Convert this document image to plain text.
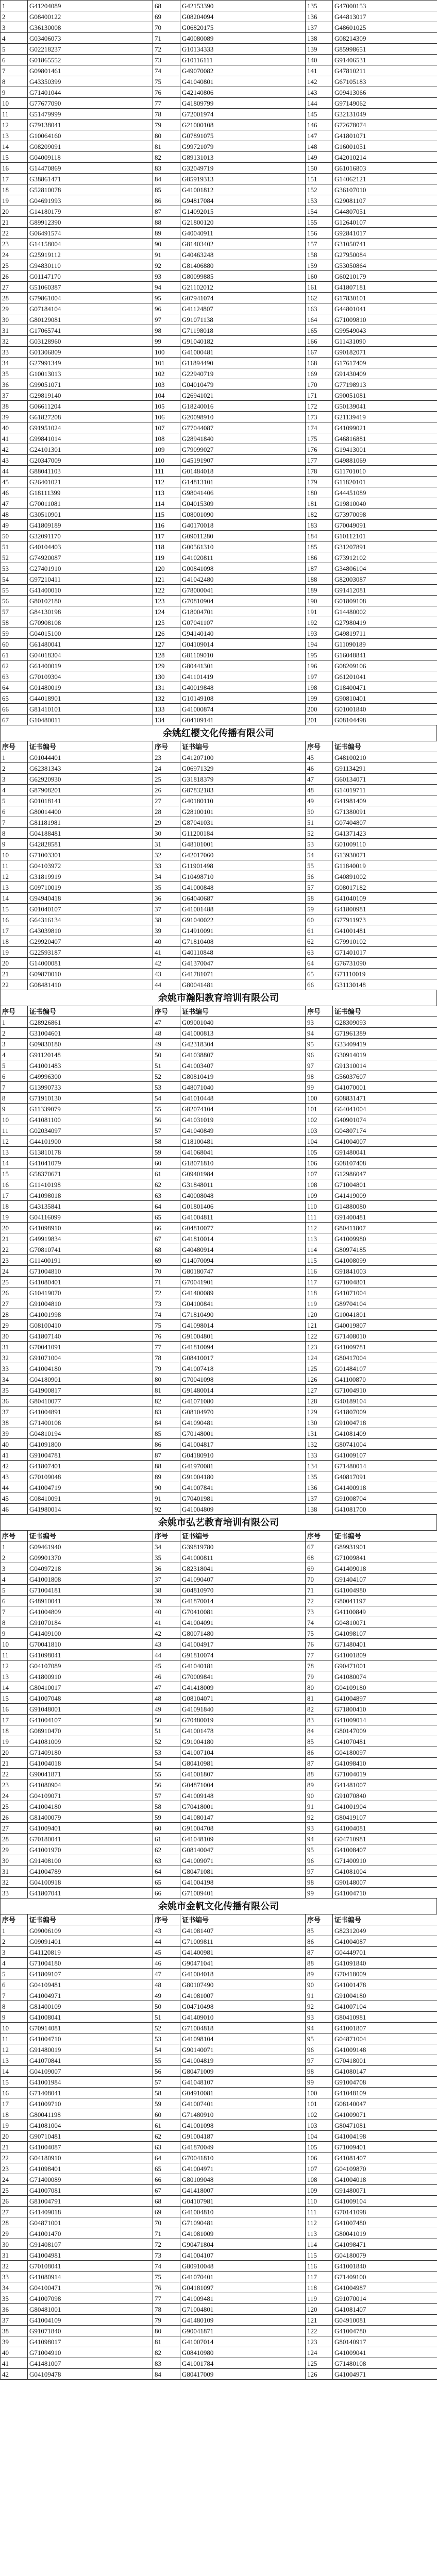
1	G41204089	68	G42153390	135	G47000153
2	G08400122	69	G08204094	136	G44813017
3	G36130008	70	G06820175	137	G48601025
4	G03406073	71	G40080089	138	G08214309
5	G02218237	72	G10134333	139	G85998651
6	G01865552	73	G10116111	140	G91406531
7	G09801461	74	G49070082	141	G47810211
8	G43350399	75	G41040801	142	G67105183
9	G71401044	76	G42140806	143	G09413066
10	G77677090	77	G41809799	144	G97149062
11	G51479999	78	G72001974	145	G32131049
12	G79138041	79	G21000108	146	G72678074
13	G10064160	80	G07891075	147	G41801071
14	G08209091	81	G99721079	148	G16001051
15	G04009118	82	G89131013	149	G42010214
16	G14470869	83	G32049719	150	G61016803
17	G38861471	84	G85919313	151	G14062121
18	G52810078	85	G41001812	152	G36107010
19	G04691993	86	G94817084	153	G29081107
20	G14180179	87	G14092015	154	G44807051
21	G89912390	88	G21800120	155	G12640107
22	G06491574	89	G40040911	156	G92841017
23	G14158004	90	G81403402	157	G31050741
24	G25919112	91	G40463248	158	G27950084
25	G94830110	92	G81406880	159	G53050864
26	G01147170	93	G80099885	160	G60210179
27	G51060387	94	G21102012	161	G41807181
28	G79861004	95	G07941074	162	G17830101
29	G07184104	96	G41124807	163	G44801041
30	G80129081	97	G91071138	164	G71009810
31	G17065741	98	G71198018	165	G99549043
32	G03128960	99	G91040182	166	G11431090
33	G01306809	100	G41000481	167	G90182071
34	G27991349	101	G11894490	168	G17617409
35	G10013013	102	G22940719	169	G91430409
36	G99051071	103	G04010479	170	G77198913
37	G29819140	104	G26941021	171	G90051081
38	G06611204	105	G18240016	172	G50139041
39	G61827208	106	G20098910	173	G21139419
40	G91951024	107	G77044087	174	G41099021
41	G99841014	108	G28941840	175	G46816881
42	G24101301	109	G79099027	176	G19413001
43	G20347009	110	G45191907	177	G49881069
44	G88041103	111	G01484018	178	G11701010
45	G26401021	112	G14813101	179	G11820101
46	G18111399	113	G98041406	180	G44451089
47	G70011081	114	G04015309	181	G19810040
48	G30510901	115	G08001090	182	G73970098
49	G41809189	116	G40170018	183	G70049091
50	G32091170	117	G09011280	184	G10112101
51	G40104403	118	G00561310	185	G31207891
52	G74920087	119	G41020811	186	G73912102
53	G27401910	120	G00841098	187	G34806104
54	G97210411	121	G41042480	188	G82003087
55	G41400010	122	G78000041	189	G91412081
56	G80102180	123	G70810904	190	G01809108
57	G84130198	124	G18004701	191	G14480002
58	G70908108	125	G07041107	192	G27980419
59	G04015100	126	G94140140	193	G49819711
60	G61480041	127	G04109014	194	G11090189
61	G04018304	128	G81109010	195	G16048841
62	G61400019	129	G80441301	196	G08209106
63	G70109304	130	G41101419	197	G61201041
64	G01480019	131	G40019848	198	G18400471
65	G44018901	132	G10149108	199	G90810401
66	G81410101	133	G41000874	200	G01001840
67	G10480011	134	G04109141	201	G08104498
余姚红樱文化传播有限公司
序号	证书编号	序号	证书编号	序号	证书编号
1	G01044401	23	G41207100	45	G48100210
2	G62381343	24	G06971329	46	G91134291
3	G62920930	25	G31818379	47	G60134071
4	G87908201	26	G87832183	48	G14019711
5	G01018141	27	G40180110	49	G41981409
6	G80014400	28	G28100101	50	G71380091
7	G81181981	29	G87041031	51	G07404807
8	G04188481	30	G11200184	52	G41371423
9	G42828581	31	G48101001	53	G01009110
10	G71003301	32	G42017060	54	G13930071
11	G04103972	33	G11901498	55	G11840019
12	G31819919	34	G10498710	56	G40891002
13	G09710019	35	G41000848	57	G08017182
14	G94940418	36	G64040687	58	G41040109
15	G01040107	37	G41001488	59	G41800981
16	G64316134	38	G91040022	60	G77911973
17	G43039810	39	G14910091	61	G41001481
18	G29920407	40	G71810408	62	G79910102
19	G22593187	41	G40110848	63	G71401017
20	G14000081	42	G41370047	64	G76731090
21	G09870010	43	G41781071	65	G71110019
22	G08481410	44	G80041481	66	G31130148
余姚市瀚阳教育培训有限公司
序号	证书编号	序号	证书编号	序号	证书编号
1	G28926861	47	G09001040	93	G28309093
2	G31004601	48	G41000813	94	G71961389
3	G09830180	49	G42318304	95	G33409419
4	G91120148	50	G41038807	96	G30914019
5	G41001483	51	G41003407	97	G91310014
6	G49996300	52	G80810419	98	G56037607
7	G13990733	53	G48071040	99	G41070001
8	G71910130	54	G41010448	100	G08831471
9	G11339079	55	G82074104	101	G64041004
10	G41081100	56	G41031019	102	G40901074
11	G02034097	57	G41040849	103	G04807174
12	G44101900	58	G18100481	104	G41004007
13	G13810178	59	G41068041	105	G91480041
14	G41041079	60	G18071810	106	G08107408
15	G58370671	61	G09401984	107	G12986047
16	G11410198	62	G31848011	108	G71004801
17	G41098018	63	G40008048	109	G41419009
18	G43135841	64	G01801406	110	G14880080
19	G04116099	65	G41004811	111	G91400481
20	G41098910	66	G04810077	112	G80411807
21	G49919834	67	G41810014	113	G41009980
22	G70810741	68	G40480914	114	G80974185
23	G11400191	69	G14070094	115	G41008099
24	G71004810	70	G80180747	116	G91841003
25	G41080401	71	G70041901	117	G71004801
26	G10419070	72	G41400089	118	G41071004
27	G91004810	73	G04100841	119	G89704104
28	G41001998	74	G71810490	120	G10041801
29	G08100410	75	G41098014	121	G40019807
30	G41807140	76	G91004801	122	G71408010
31	G70041091	77	G41810094	123	G41009781
32	G91071004	78	G08410017	124	G80417004
33	G41004180	79	G41007418	125	G01484107
34	G04180901	80	G70041098	126	G41100870
35	G41900817	81	G91480014	127	G71004910
36	G80410077	82	G41071080	128	G40189104
37	G41004891	83	G08104970	129	G41807009
38	G71400108	84	G41090481	130	G91004718
39	G04810194	85	G70148001	131	G41081409
40	G41091800	86	G41004817	132	G80741004
41	G91004781	87	G04180910	133	G41009107
42	G41807401	88	G41970081	134	G71480014
43	G70109048	89	G91004180	135	G40817091
44	G41004719	90	G41007841	136	G41400918
45	G08410091	91	G70401981	137	G91008704
46	G41980014	92	G41004809	138	G41081700
余姚市弘艺教育培训有限公司
序号	证书编号	序号	证书编号	序号	证书编号
1	G09461940	34	G39819780	67	G89931901
2	G09901370	35	G41000811	68	G71009841
3	G04097218	36	G82318041	69	G41409018
4	G41001808	37	G41090407	70	G91404107
5	G71004181	38	G04810970	71	G41004980
6	G48910041	39	G41870014	72	G80041197
7	G41004809	40	G70410081	73	G41100849
8	G91070184	41	G41004091	74	G04810071
9	G41409100	42	G80071480	75	G41098107
10	G70041810	43	G41004917	76	G71480401
11	G41098041	44	G91810074	77	G41001809
12	G04107089	45	G41040181	78	G90471001
13	G41800910	46	G70009841	79	G41080074
14	G80410017	47	G41418009	80	G04109180
15	G41007048	48	G08104071	81	G41004897
16	G91048001	49	G41091840	82	G71800410
17	G41004107	50	G70480019	83	G41009014
18	G08910470	51	G41001478	84	G80147009
19	G41081009	52	G91004180	85	G41070481
20	G71409180	53	G41007104	86	G04180097
21	G41004018	54	G80410981	87	G41098410
22	G90041871	55	G41001807	88	G71004019
23	G41080904	56	G04871004	89	G41481007
24	G04109071	57	G41009148	90	G91070840
25	G41004180	58	G70418001	91	G41001904
26	G81400079	59	G41080147	92	G80419107
27	G41009401	60	G91004708	93	G41004081
28	G70180041	61	G41048109	94	G04710981
29	G41001970	62	G08140047	95	G41008407
30	G91408100	63	G41009071	96	G71400910
31	G41004789	64	G80471081	97	G41081004
32	G04100918	65	G41004198	98	G90148007
33	G41807041	66	G71009401	99	G41004710
余姚市金帆文化传播有限公司
序号	证书编号	序号	证书编号	序号	证书编号
1	G09006109	43	G41081407	85	G82312049
2	G09091401	44	G71009811	86	G41004087
3	G41120819	45	G41400981	87	G04449701
4	G71004180	46	G90471041	88	G41091840
5	G41809107	47	G41004018	89	G70418009
6	G04109481	48	G80107490	90	G41001478
7	G41004971	49	G41081007	91	G91004180
8	G81400109	50	G04710498	92	G41007104
9	G41008041	51	G41409010	93	G80410981
10	G70914081	52	G71004818	94	G41001807
11	G41004710	53	G41098104	95	G04871004
12	G91480019	54	G90140071	96	G41009148
13	G41070841	55	G41004819	97	G70418001
14	G04109007	56	G80471009	98	G41080147
15	G41001984	57	G41048107	99	G91004708
16	G71408041	58	G04910081	100	G41048109
17	G41009710	59	G41007401	101	G08140047
18	G80041198	60	G71480910	102	G41009071
19	G41081004	61	G41001098	103	G80471081
20	G90710481	62	G91004187	104	G41004198
21	G41004087	63	G41870049	105	G71009401
22	G04180910	64	G70041810	106	G41081407
23	G41098401	65	G41004971	107	G04109870
24	G71400089	66	G80109048	108	G41004018
25	G41007081	67	G41418007	109	G91480071
26	G81004791	68	G04107981	110	G41009104
27	G41409018	69	G41004810	111	G70141098
28	G04871001	70	G71090481	112	G41007480
29	G41001470	71	G41081009	113	G80041019
30	G91408107	72	G90471804	114	G41098471
31	G41004981	73	G41004107	115	G04180079
32	G70108041	74	G80910048	116	G41001840
33	G41080914	75	G41070401	117	G71409100
34	G04100471	76	G04181097	118	G41004987
35	G41007098	77	G41009481	119	G91070014
36	G80481001	78	G71004801	120	G41081407
37	G41004109	79	G41480109	121	G04910081
38	G91071840	80	G90041871	122	G41004780
39	G41098017	81	G41007014	123	G80140917
40	G71004910	82	G08410980	124	G41009041
41	G41481007	83	G41001784	125	G71480108
42	G04109478	84	G80417009	126	G41004971
